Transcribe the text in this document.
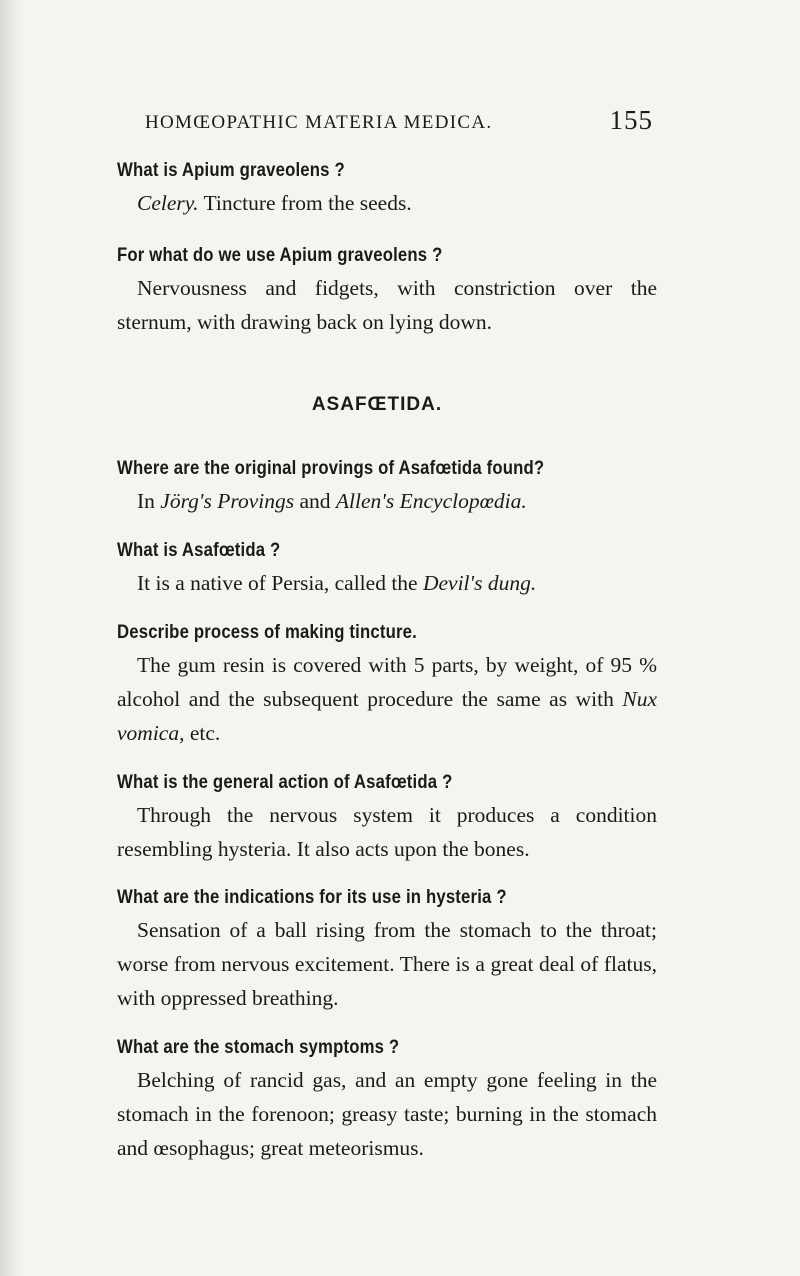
HOMŒOPATHIC MATERIA MEDICA.	155
What is Apium graveolens ?
Celery. Tincture from the seeds.
For what do we use Apium graveolens ?
Nervousness and fidgets, with constriction over the sternum, with drawing back on lying down.
ASAFŒTIDA.
Where are the original provings of Asafœtida found?
In Jörg's Provings and Allen's Encyclopœdia.
What is Asafœtida ?
It is a native of Persia, called the Devil's dung.
Describe process of making tincture.
The gum resin is covered with 5 parts, by weight, of 95 % alcohol and the subsequent procedure the same as with Nux vomica, etc.
What is the general action of Asafœtida ?
Through the nervous system it produces a condition resembling hysteria. It also acts upon the bones.
What are the indications for its use in hysteria ?
Sensation of a ball rising from the stomach to the throat; worse from nervous excitement. There is a great deal of flatus, with oppressed breathing.
What are the stomach symptoms ?
Belching of rancid gas, and an empty gone feeling in the stomach in the forenoon; greasy taste; burning in the stomach and œsophagus; great meteorismus.
